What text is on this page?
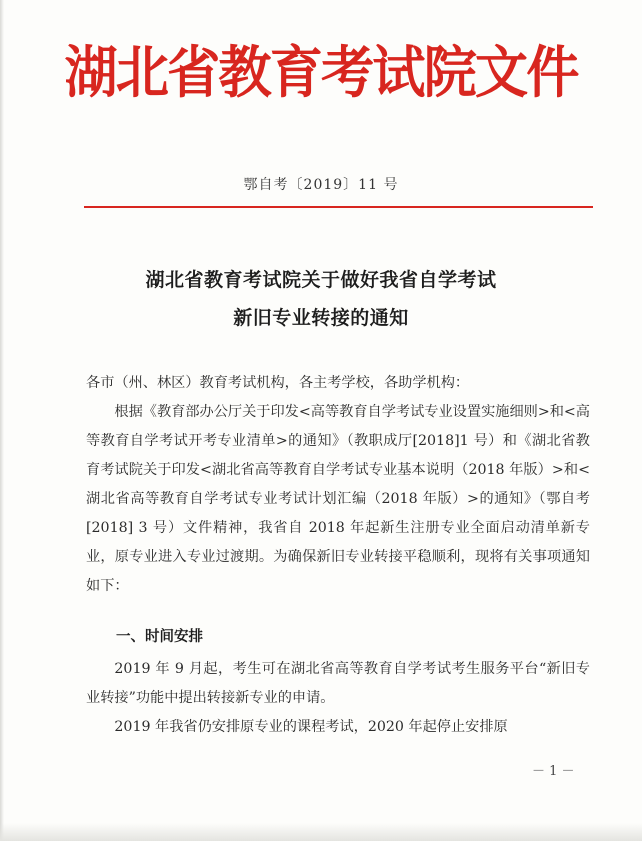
湖北省教育考试院文件
鄂自考〔2019〕11 号
湖北省教育考试院关于做好我省自学考试
新旧专业转接的通知
各市（州、林区）教育考试机构，各主考学校，各助学机构：

根据《教育部办公厅关于印发<高等教育自学考试专业设置实施细则>和<高等教育自学考试开考专业清单>的通知》（教职成厅[2018]1 号）和《湖北省教育考试院关于印发<湖北省高等教育自学考试专业基本说明（2018 年版）>和<湖北省高等教育自学考试专业考试计划汇编（2018 年版）>的通知》（鄂自考 [2018] 3 号）文件精神，我省自 2018 年起新生注册专业全面启动清单新专业，原专业进入专业过渡期。为确保新旧专业转接平稳顺利，现将有关事项通知如下：

一、时间安排

2019 年 9 月起，考生可在湖北省高等教育自学考试考生服务平台“新旧专业转接”功能中提出转接新专业的申请。

2019 年我省仍安排原专业的课程考试，2020 年起停止安排原

－ 1 －
